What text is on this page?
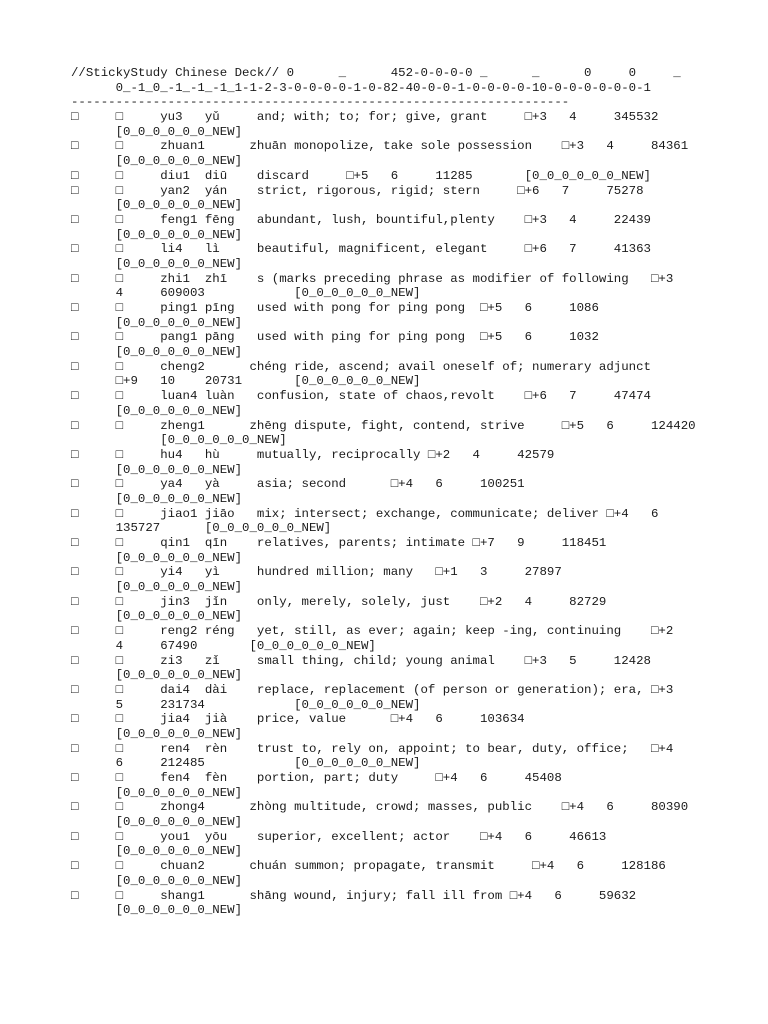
//StickyStudy Chinese Deck// 0      _      452-0-0-0-0 _      _      0     0     _
0_-1_0_-1_-1_-1_1-1-2-3-0-0-0-0-1-0-82-40-0-0-1-0-0-0-0-10-0-0-0-0-0-0-1
-------------------------------------------------------------------
□     □     yu3   yǔ     and; with; to; for; give, grant     □+3   4     345532
[0_0_0_0_0_0_NEW]
□     □     zhuan1      zhuān monopolize, take sole possession    □+3   4     84361
[0_0_0_0_0_0_NEW]
□     □     diu1  diū    discard     □+5   6     11285       [0_0_0_0_0_0_NEW]
□     □     yan2  yán    strict, rigorous, rigid; stern     □+6   7     75278
[0_0_0_0_0_0_NEW]
□     □     feng1 fēng   abundant, lush, bountiful,plenty    □+3   4     22439
[0_0_0_0_0_0_NEW]
□     □     li4   lì     beautiful, magnificent, elegant     □+6   7     41363
[0_0_0_0_0_0_NEW]
□     □     zhi1  zhī    s (marks preceding phrase as modifier of following   □+3
4     609003            [0_0_0_0_0_0_NEW]
□     □     ping1 pīng   used with pong for ping pong  □+5   6     1086
[0_0_0_0_0_0_NEW]
□     □     pang1 pāng   used with ping for ping pong  □+5   6     1032
[0_0_0_0_0_0_NEW]
□     □     cheng2      chéng ride, ascend; avail oneself of; numerary adjunct
□+9   10    20731       [0_0_0_0_0_0_NEW]
□     □     luan4 luàn   confusion, state of chaos,revolt    □+6   7     47474
[0_0_0_0_0_0_NEW]
□     □     zheng1      zhēng dispute, fight, contend, strive     □+5   6     124420
[0_0_0_0_0_0_NEW]
□     □     hu4   hù     mutually, reciprocally □+2   4     42579
[0_0_0_0_0_0_NEW]
□     □     ya4   yà     asia; second      □+4   6     100251
[0_0_0_0_0_0_NEW]
□     □     jiao1 jiāo   mix; intersect; exchange, communicate; deliver □+4   6
135727      [0_0_0_0_0_0_NEW]
□     □     qin1  qīn    relatives, parents; intimate □+7   9     118451
[0_0_0_0_0_0_NEW]
□     □     yi4   yì     hundred million; many   □+1   3     27897
[0_0_0_0_0_0_NEW]
□     □     jin3  jǐn    only, merely, solely, just    □+2   4     82729
[0_0_0_0_0_0_NEW]
□     □     reng2 réng   yet, still, as ever; again; keep -ing, continuing    □+2
4     67490       [0_0_0_0_0_0_NEW]
□     □     zi3   zǐ     small thing, child; young animal    □+3   5     12428
[0_0_0_0_0_0_NEW]
□     □     dai4  dài    replace, replacement (of person or generation); era, □+3
5     231734            [0_0_0_0_0_0_NEW]
□     □     jia4  jià    price, value      □+4   6     103634
[0_0_0_0_0_0_NEW]
□     □     ren4  rèn    trust to, rely on, appoint; to bear, duty, office;   □+4
6     212485            [0_0_0_0_0_0_NEW]
□     □     fen4  fèn    portion, part; duty     □+4   6     45408
[0_0_0_0_0_0_NEW]
□     □     zhong4      zhòng multitude, crowd; masses, public    □+4   6     80390
[0_0_0_0_0_0_NEW]
□     □     you1  yōu    superior, excellent; actor    □+4   6     46613
[0_0_0_0_0_0_NEW]
□     □     chuan2      chuán summon; propagate, transmit     □+4   6     128186
[0_0_0_0_0_0_NEW]
□     □     shang1      shāng wound, injury; fall ill from □+4   6     59632
[0_0_0_0_0_0_NEW]
